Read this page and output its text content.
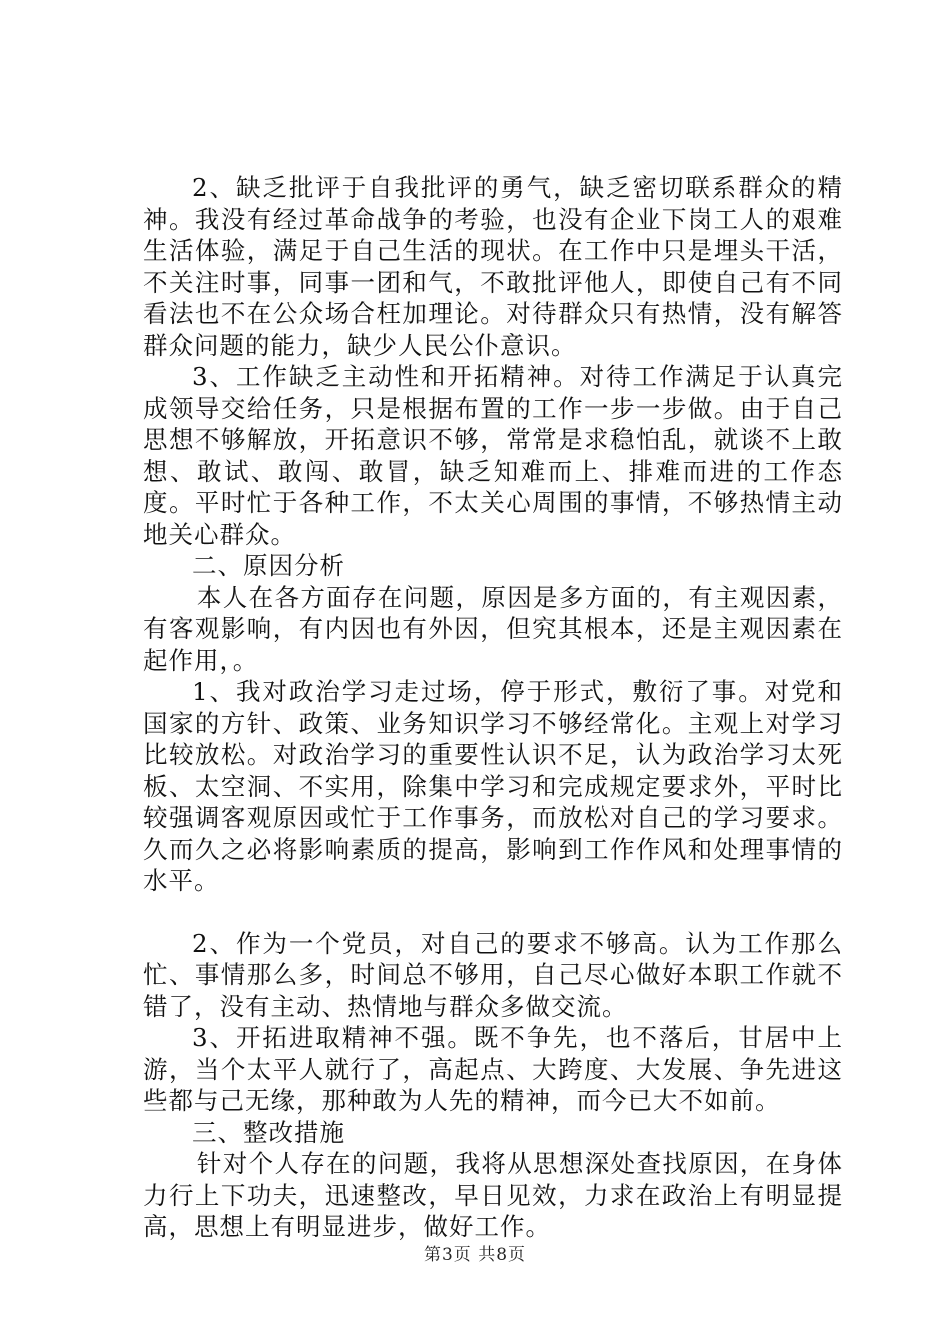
2、缺乏批评于自我批评的勇气，缺乏密切联系群众的精神。我没有经过革命战争的考验，也没有企业下岗工人的艰难生活体验，满足于自己生活的现状。在工作中只是埋头干活，不关注时事，同事一团和气，不敢批评他人，即使自己有不同看法也不在公众场合枉加理论。对待群众只有热情，没有解答群众问题的能力，缺少人民公仆意识。

3、工作缺乏主动性和开拓精神。对待工作满足于认真完成领导交给任务，只是根据布置的工作一步一步做。由于自己思想不够解放，开拓意识不够，常常是求稳怕乱，就谈不上敢想、敢试、敢闯、敢冒，缺乏知难而上、排难而进的工作态度。平时忙于各种工作，不太关心周围的事情，不够热情主动地关心群众。

二、原因分析

本人在各方面存在问题，原因是多方面的，有主观因素，有客观影响，有内因也有外因，但究其根本，还是主观因素在起作用，。

1、我对政治学习走过场，停于形式，敷衍了事。对党和国家的方针、政策、业务知识学习不够经常化。主观上对学习比较放松。对政治学习的重要性认识不足，认为政治学习太死板、太空洞、不实用，除集中学习和完成规定要求外，平时比较强调客观原因或忙于工作事务，而放松对自己的学习要求。久而久之必将影响素质的提高，影响到工作作风和处理事情的水平。

2、作为一个党员，对自己的要求不够高。认为工作那么忙、事情那么多，时间总不够用，自己尽心做好本职工作就不错了，没有主动、热情地与群众多做交流。

3、开拓进取精神不强。既不争先，也不落后，甘居中上游，当个太平人就行了，高起点、大跨度、大发展、争先进这些都与己无缘，那种敢为人先的精神，而今已大不如前。

三、整改措施

针对个人存在的问题，我将从思想深处查找原因，在身体力行上下功夫，迅速整改，早日见效，力求在政治上有明显提高，思想上有明显进步，做好工作。

第3页 共8页
